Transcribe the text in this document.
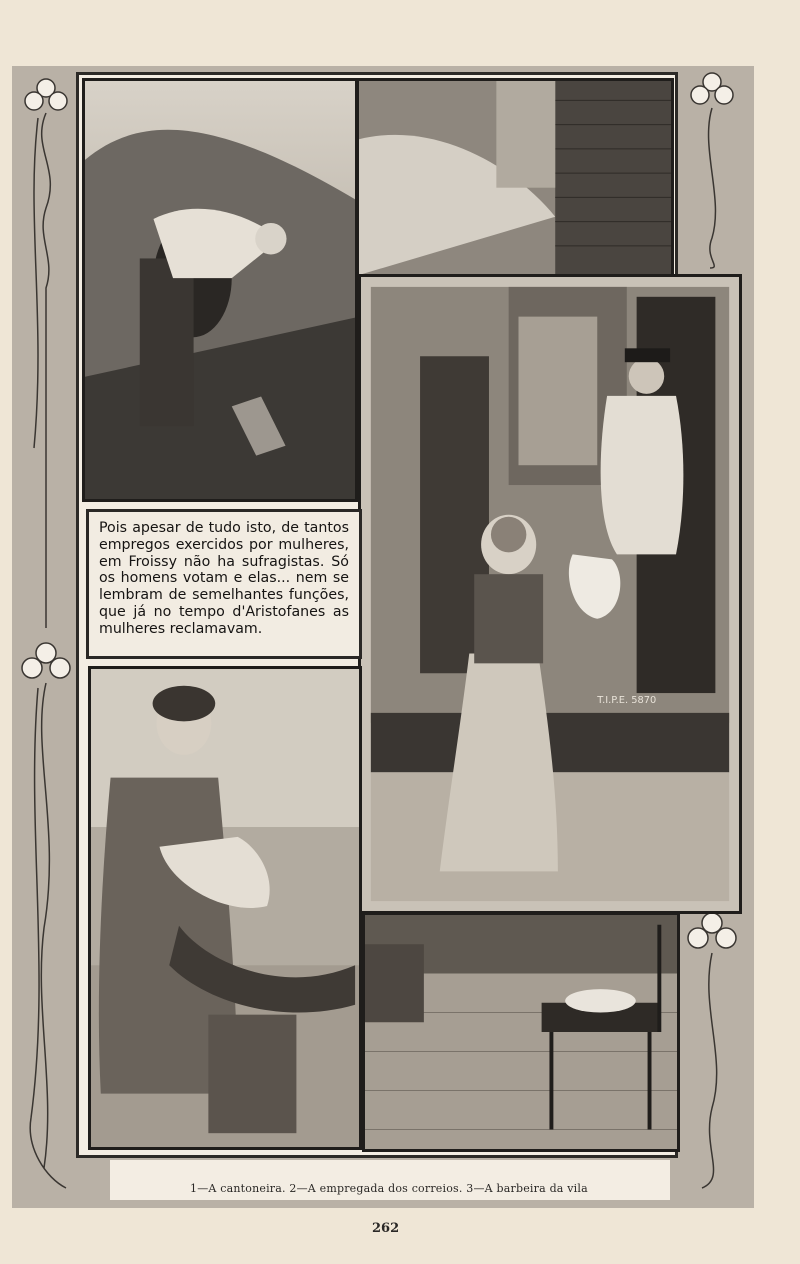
T.I.P.E. 5870

Pois apesar de tudo isto, de tantos empregos exercidos por mulheres, em Froissy não ha sufragistas. Só os homens votam e elas... nem se lembram de semelhantes funções, que já no tempo d'Aristofanes as mulheres reclamavam.

1—A cantoneira. 2—A empregada dos correios. 3—A barbeira da vila
262
